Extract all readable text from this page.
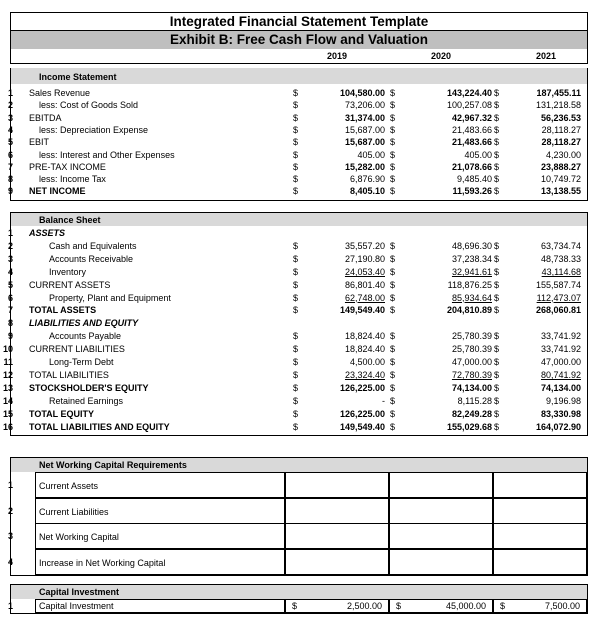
Integrated Financial Statement Template
Exhibit B: Free Cash Flow and Valuation
2019	2020	2021
Income Statement
1 Sales Revenue	$	104,580.00 $	143,224.40 $	187,455.11
2	less: Cost of Goods Sold	$	73,206.00 $	100,257.08 $	131,218.58
3 EBITDA	$	31,374.00 $	42,967.32 $	56,236.53
4	less: Depreciation Expense	$	15,687.00 $	21,483.66 $	28,118.27
5 EBIT	$	15,687.00 $	21,483.66 $	28,118.27
6	less: Interest and Other Expenses	$	405.00 $	405.00 $	4,230.00
7 PRE-TAX INCOME	$	15,282.00 $	21,078.66 $	23,888.27
8	less: Income Tax	$	6,876.90 $	9,485.40 $	10,749.72
9 NET INCOME	$	8,405.10 $	11,593.26 $	13,138.55
Balance Sheet
1 ASSETS
2	Cash and Equivalents	$	35,557.20 $	48,696.30 $	63,734.74
3	Accounts Receivable	$	27,190.80 $	37,238.34 $	48,738.33
4	Inventory	$	24,053.40 $	32,941.61 $	43,114.68
5 CURRENT ASSETS	$	86,801.40 $	118,876.25 $	155,587.74
6	Property, Plant and Equipment	$	62,748.00 $	85,934.64 $	112,473.07
7 TOTAL ASSETS	$	149,549.40 $	204,810.89 $	268,060.81
8 LIABILITIES AND EQUITY
9	Accounts Payable	$	18,824.40 $	25,780.39 $	33,741.92
10 CURRENT LIABILITIES	$	18,824.40 $	25,780.39 $	33,741.92
11	Long-Term Debt	$	4,500.00 $	47,000.00 $	47,000.00
12 TOTAL LIABILITIES	$	23,324.40 $	72,780.39 $	80,741.92
13 STOCKSHOLDER'S EQUITY	$	126,225.00 $	74,134.00 $	74,134.00
14	Retained Earnings	$	- $	8,115.28 $	9,196.98
15 TOTAL EQUITY	$	126,225.00 $	82,249.28 $	83,330.98
16 TOTAL LIABILITIES AND EQUITY	$	149,549.40 $	155,029.68 $	164,072.90
Net Working Capital Requirements
1	Current Assets
2	Current Liabilities
3	Net Working Capital
4	Increase in Net Working Capital
Capital Investment
1	Capital Investment	$	2,500.00 $	45,000.00 $	7,500.00
